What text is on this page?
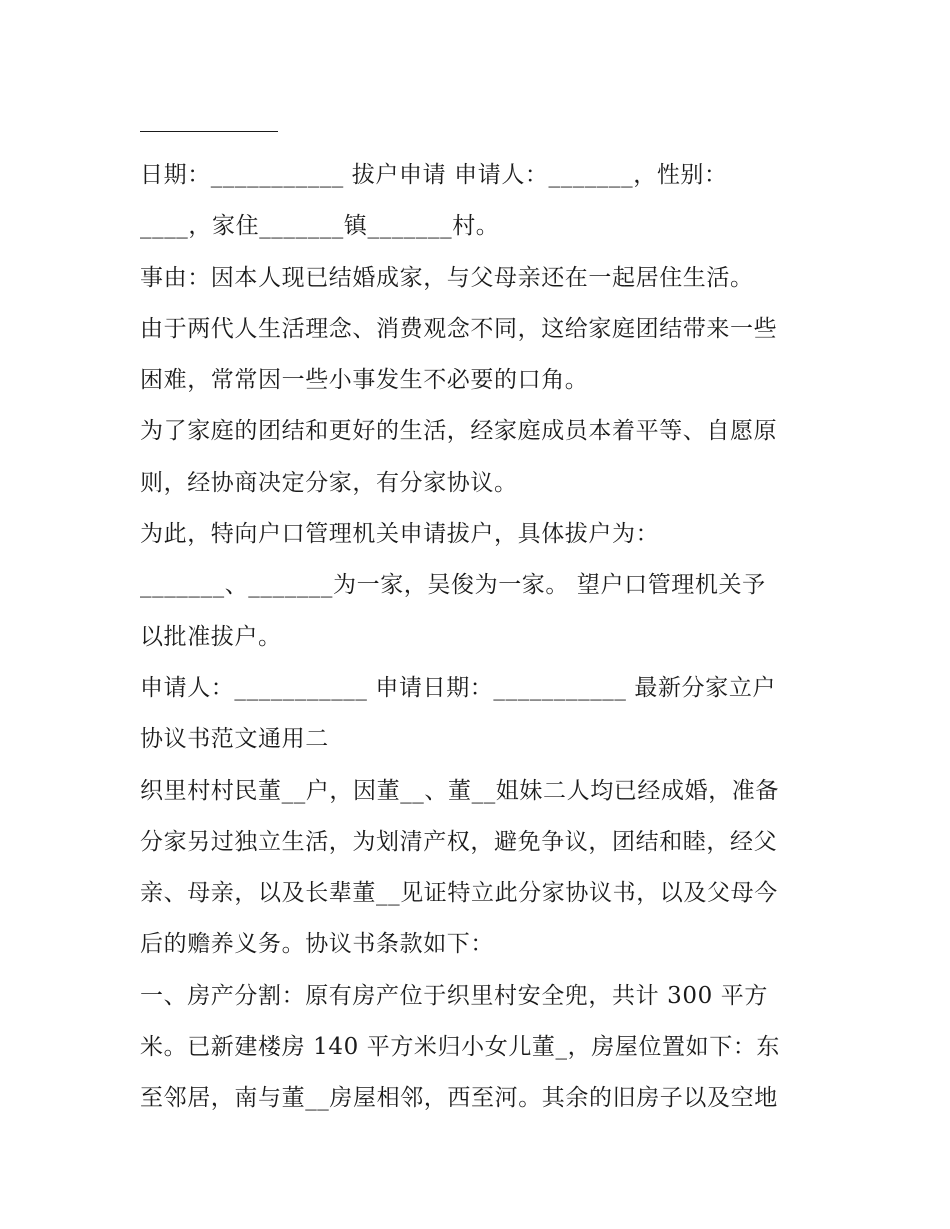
日期：___________ 拔户申请 申请人：_______，性别：
____，家住_______镇_______村。
事由：因本人现已结婚成家，与父母亲还在一起居住生活。
由于两代人生活理念、消费观念不同，这给家庭团结带来一些
困难，常常因一些小事发生不必要的口角。
为了家庭的团结和更好的生活，经家庭成员本着平等、自愿原
则，经协商决定分家，有分家协议。
为此，特向户口管理机关申请拔户，具体拔户为：
_______、_______为一家，吴俊为一家。 望户口管理机关予
以批准拔户。
申请人：___________ 申请日期：___________ 最新分家立户
协议书范文通用二
织里村村民董__户，因董__、董__姐妹二人均已经成婚，准备
分家另过独立生活，为划清产权，避免争议，团结和睦，经父
亲、母亲，以及长辈董__见证特立此分家协议书，以及父母今
后的赡养义务。协议书条款如下：
一、房产分割：原有房产位于织里村安全兜，共计 300 平方
米。已新建楼房 140 平方米归小女儿董_，房屋位置如下：东
至邻居，南与董__房屋相邻，西至河。其余的旧房子以及空地
